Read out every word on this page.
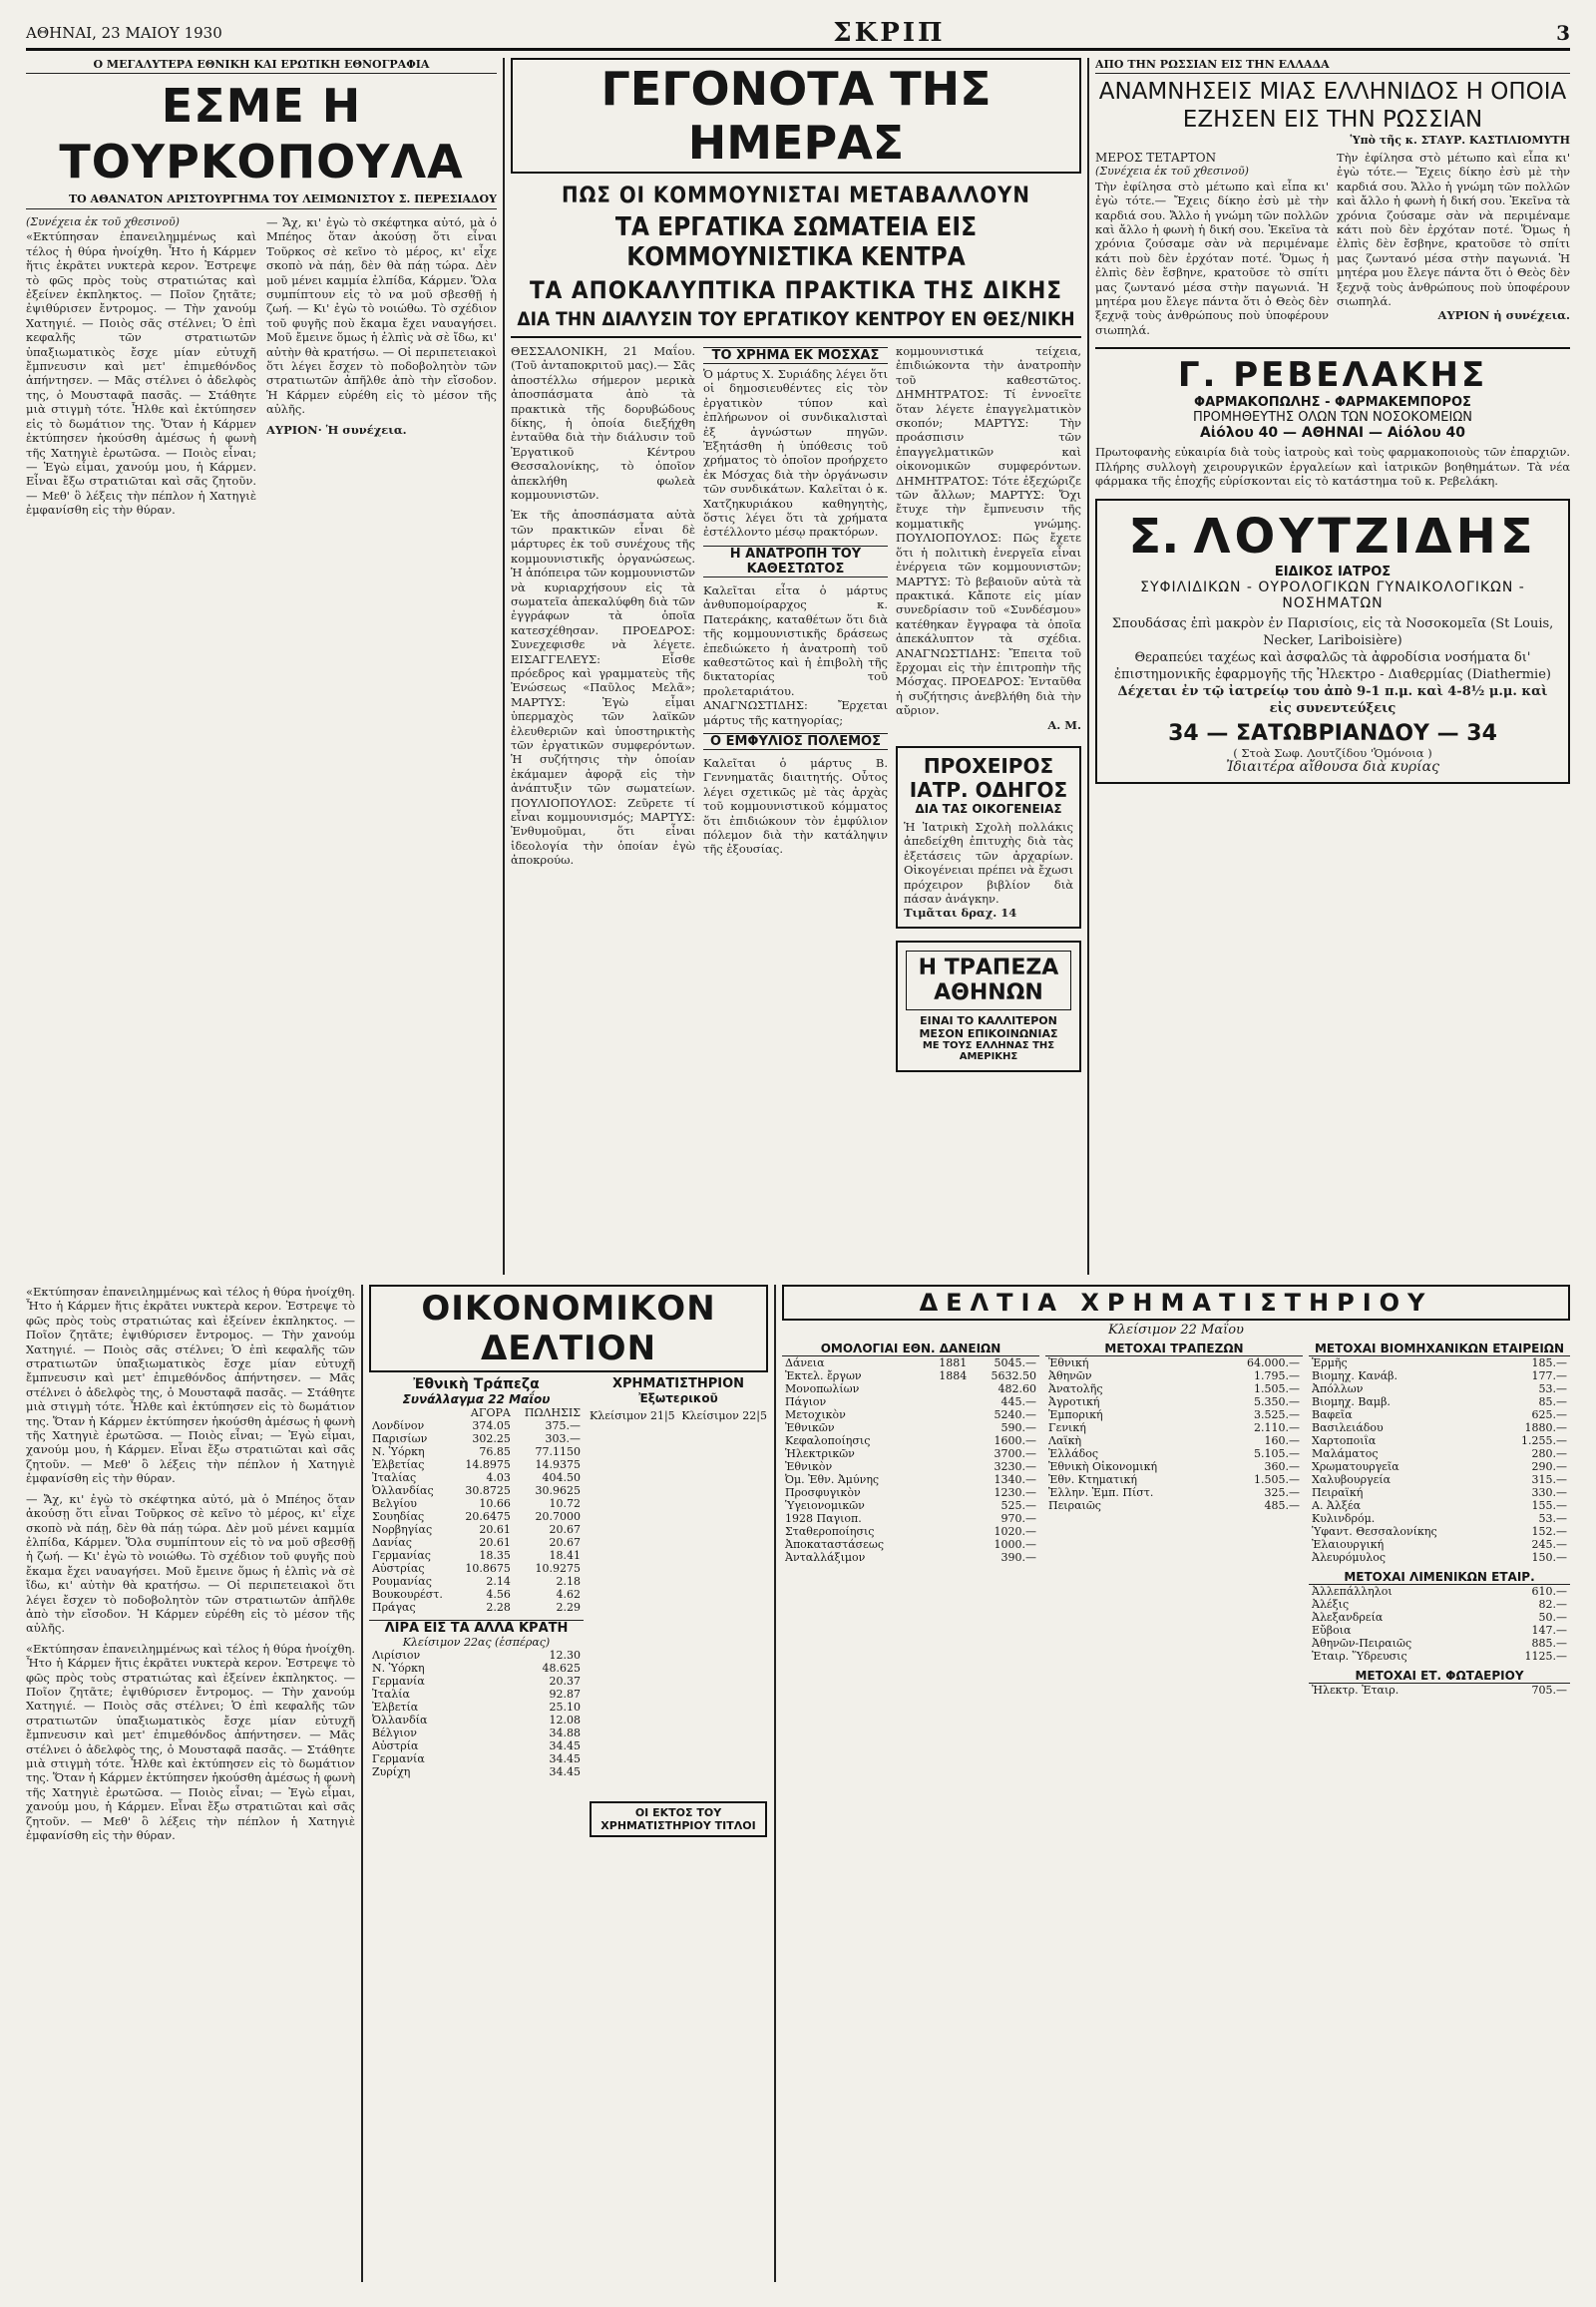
ΑΘΗΝΑΙ, 23 ΜΑΙΟΥ 1930	ΣΚΡΙΠ	3
Ο ΜΕΓΑΛΥΤΕΡΑ ΕΘΝΙΚΗ ΚΑΙ ΕΡΩΤΙΚΗ ΕΘΝΟΓΡΑΦΙΑ
ΕΣΜΕ Η ΤΟΥΡΚΟΠΟΥΛΑ
ΤΟ ΑΘΑΝΑΤΟΝ ΑΡΙΣΤΟΥΡΓΗΜΑ ΤΟΥ ΛΕΙΜΩΝΙΣΤΟΥ Σ. ΠΕΡΕΣΙΑΔΟΥ

(Συνέχεια ἐκ τοῦ χθεσινοῦ)

«Εκτύπησαν ἐπανειλημμένως καὶ τέλος ἡ θύρα ἠνοίχθη. Ἦτο ἡ Κάρμεν ἥτις ἐκρᾶτει νυκτερὰ κερον. Ἐστρεψε τὸ φῶς πρὸς τοὺς στρατιώτας καὶ ἐξείνεν ἐκπληκτος. — Ποῖον ζητᾶτε; ἐψιθύρισεν ἔντρομος. — Τὴν χανούμ Χατηγιέ. — Ποιὸς σᾶς στέλνει; Ὁ ἐπὶ κεφαλῆς τῶν στρατιωτῶν ὑπαξιωματικὸς ἔσχε μίαν εὐτυχῆ ἔμπνευσιν καὶ μετ' ἐπιμεθόνδος ἀπήντησεν. — Μᾶς στέλνει ὁ ἀδελφὸς της, ὁ Μουσταφᾶ πασᾶς. — Στάθητε μιὰ στιγμὴ τότε. Ἦλθε καὶ ἐκτύπησεν εἰς τὸ δωμάτιον της. Ὅταν ἡ Κάρμεν ἐκτύπησεν ἠκούσθη ἀμέσως ἡ φωνὴ τῆς Χατηγιὲ ἐρωτῶσα. — Ποιὸς εἶναι; — Ἐγὼ εἶμαι, χανούμ μου, ἡ Κάρμεν. Εἶναι ἔξω στρατιῶται καὶ σᾶς ζητοῦν. — Μεθ' ὃ λέξεις τὴν πέπλον ἡ Χατηγιὲ ἐμφανίσθη εἰς τὴν θύραν.

— Ἄχ, κι' ἐγὼ τὸ σκέφτηκα αὐτό, μὰ ὁ Μπέηος ὅταν ἀκούσῃ ὅτι εἶναι Τοῦρκος σὲ κεῖνο τὸ μέρος, κι' εἶχε σκοπὸ νὰ πάῃ, δὲν θὰ πάῃ τώρα. Δὲν μοῦ μένει καμμία ἐλπίδα, Κάρμεν. Ὅλα συμπίπτουν εἰς τὸ να μοῦ σβεσθῇ ἡ ζωή. — Κι' ἐγὼ τὸ νοιώθω. Τὸ σχέδιον τοῦ φυγῆς ποὺ ἔκαμα ἔχει ναυαγήσει. Μοῦ ἔμεινε ὅμως ἡ ἐλπὶς νὰ σὲ ἴδω, κι' αὐτὴν θὰ κρατήσω. — Οἱ περιπετειακοὶ ὅτι λέγει ἔσχεν τὸ ποδοβολητὸν τῶν στρατιωτῶν ἀπῆλθε ἀπὸ τὴν εἴσοδον. Ἡ Κάρμεν εὑρέθη εἰς τὸ μέσον τῆς αὐλῆς.

ΑΥΡΙΟΝ· Ἡ συνέχεια.

ΓΕΓΟΝΟΤΑ ΤΗΣ ΗΜΕΡΑΣ
ΠΩΣ ΟΙ ΚΟΜΜΟΥΝΙΣΤΑΙ ΜΕΤΑΒΑΛΛΟΥΝ
ΤΑ ΕΡΓΑΤΙΚΑ ΣΩΜΑΤΕΙΑ ΕΙΣ ΚΟΜΜΟΥΝΙΣΤΙΚΑ ΚΕΝΤΡΑ
ΤΑ ΑΠΟΚΑΛΥΠΤΙΚΑ ΠΡΑΚΤΙΚΑ ΤΗΣ ΔΙΚΗΣ
ΔΙΑ ΤΗΝ ΔΙΑΛΥΣΙΝ ΤΟΥ ΕΡΓΑΤΙΚΟΥ ΚΕΝΤΡΟΥ ΕΝ ΘΕΣ/ΝΙΚΗ

ΘΕΣΣΑΛΟΝΙΚΗ, 21 Μαΐου. (Τοῦ ἀνταποκριτοῦ μας).— Σᾶς ἀποστέλλω σήμερον μερικὰ ἀποσπάσματα ἀπὸ τὰ πρακτικὰ τῆς δορυβώδους δίκης, ἡ ὁποία διεξήχθη ἐνταῦθα διὰ τὴν διάλυσιν τοῦ Ἐργατικοῦ Κέντρου Θεσσαλονίκης, τὸ ὁποῖον ἀπεκλήθη φωλεὰ κομμουνιστῶν.

Ἐκ τῆς ἀποσπάσματα αὐτὰ τῶν πρακτικῶν εἶναι δὲ μάρτυρες ἐκ τοῦ συνέχους τῆς κομμουνιστικῆς ὀργανώσεως. Ἡ ἀπόπειρα τῶν κομμουνιστῶν νὰ κυριαρχήσουν εἰς τὰ σωματεῖα ἀπεκαλύφθη διὰ τῶν ἐγγράφων τὰ ὁποῖα κατεσχέθησαν. ΠΡΟΕΔΡΟΣ: Συνεχεφισθε νὰ λέγετε. ΕΙΣΑΓΓΕΛΕΥΣ: Εἶσθε πρόεδρος καὶ γραμματεὺς τῆς Ἑνώσεως «Παῦλος Μελᾶ»; ΜΑΡΤΥΣ: Ἐγὼ εἶμαι ὑπερμαχὸς τῶν λαϊκῶν ἐλευθεριῶν καὶ ὑποστηρικτὴς τῶν ἐργατικῶν συμφερόντων. Ἡ συζήτησις τὴν ὁποίαν ἐκάμαμεν ἀφορᾷ εἰς τὴν ἀνάπτυξιν τῶν σωματείων. ΠΟΥΛΙΟΠΟΥΛΟΣ: Ζεῦρετε τί εἶναι κομμουνισμός; ΜΑΡΤΥΣ: Ἐνθυμοῦμαι, ὅτι εἶναι ἰδεολογία τὴν ὁποίαν ἐγὼ ἀποκρούω.

ΤΟ ΧΡΗΜΑ ΕΚ ΜΟΣΧΑΣ

Ὁ μάρτυς Χ. Συριάδης λέγει ὅτι οἱ δημοσιευθέντες εἰς τὸν ἐργατικὸν τύπον καὶ ἐπλήρωνον οἱ συνδικαλισταὶ ἐξ ἀγνώστων πηγῶν. Ἐξητάσθη ἡ ὑπόθεσις τοῦ χρήματος τὸ ὁποῖον προήρχετο ἐκ Μόσχας διὰ τὴν ὀργάνωσιν τῶν συνδικάτων. Καλεῖται ὁ κ. Χατζηκυριάκου καθηγητὴς, ὅστις λέγει ὅτι τὰ χρήματα ἐστέλλοντο μέσῳ πρακτόρων.

Η ΑΝΑΤΡΟΠΗ ΤΟΥ ΚΑΘΕΣΤΩΤΟΣ

Καλεῖται εἶτα ὁ μάρτυς ἀνθυπομοίραρχος κ. Πατεράκης, καταθέτων ὅτι διὰ τῆς κομμουνιστικῆς δράσεως ἐπεδιώκετο ἡ ἀνατροπὴ τοῦ καθεστῶτος καὶ ἡ ἐπιβολὴ τῆς δικτατορίας τοῦ προλεταριάτου. ΑΝΑΓΝΩΣΤΙΔΗΣ: Ἔρχεται μάρτυς τῆς κατηγορίας;

Ο ΕΜΦΥΛΙΟΣ ΠΟΛΕΜΟΣ

Καλεῖται ὁ μάρτυς Β. Γεννηματᾶς διαιτητής. Οὗτος λέγει σχετικῶς μὲ τὰς ἀρχὰς τοῦ κομμουνιστικοῦ κόμματος ὅτι ἐπιδιώκουν τὸν ἐμφύλιον πόλεμον διὰ τὴν κατάληψιν τῆς ἐξουσίας.

κομμουνιστικά τείχεια, ἐπιδιώκοντα τὴν ἀνατροπὴν τοῦ καθεστῶτος. ΔΗΜΗΤΡΑΤΟΣ: Τί ἐννοεῖτε ὅταν λέγετε ἐπαγγελματικὸν σκοπόν; ΜΑΡΤΥΣ: Τὴν προάσπισιν τῶν ἐπαγγελματικῶν καὶ οἰκονομικῶν συμφερόντων. ΔΗΜΗΤΡΑΤΟΣ: Τότε ἐξεχώριζε τῶν ἄλλων; ΜΑΡΤΥΣ: Ὄχι ἔτυχε τὴν ἔμπνευσιν τῆς κομματικῆς γνώμης. ΠΟΥΛΙΟΠΟΥΛΟΣ: Πῶς ἔχετε ὅτι ἡ πολιτικὴ ἐνεργεῖα εἶναι ἐνέργεια τῶν κομμουνιστῶν; ΜΑΡΤΥΣ: Τὸ βεβαιοῦν αὐτὰ τὰ πρακτικά. Κἄποτε εἰς μίαν συνεδρίασιν τοῦ «Συνδέσμου» κατέθηκαν ἔγγραφα τὰ ὁποῖα ἀπεκάλυπτον τὰ σχέδια. ΑΝΑΓΝΩΣΤΙΔΗΣ: Ἔπειτα τοῦ ἔρχομαι εἰς τὴν ἐπιτροπὴν τῆς Μόσχας. ΠΡΟΕΔΡΟΣ: Ἐνταῦθα ἡ συζήτησις ἀνεβλήθη διὰ τὴν αὔριον.

Α. Μ.

ΠΡΟΧΕΙΡΟΣ ΙΑΤΡ. ΟΔΗΓΟΣ
ΔΙΑ ΤΑΣ ΟΙΚΟΓΕΝΕΙΑΣ

Ἡ Ἰατρικὴ Σχολὴ πολλάκις ἀπεδείχθη ἐπιτυχὴς διὰ τὰς ἐξετάσεις τῶν ἀρχαρίων. Οἰκογένειαι πρέπει νὰ ἔχωσι πρόχειρον βιβλίον διὰ πάσαν ἀνάγκην.

Τιμᾶται δραχ. 14

Η ΤΡΑΠΕΖΑ ΑΘΗΝΩΝ
ΕΙΝΑΙ ΤΟ ΚΑΛΛΙΤΕΡΟΝ
ΜΕΣΟΝ ΕΠΙΚΟΙΝΩΝΙΑΣ
ΜΕ ΤΟΥΣ ΕΛΛΗΝΑΣ ΤΗΣ ΑΜΕΡΙΚΗΣ
ΑΠΟ ΤΗΝ ΡΩΣΣΙΑΝ ΕΙΣ ΤΗΝ ΕΛΛΑΔΑ
ΑΝΑΜΝΗΣΕΙΣ ΜΙΑΣ ΕΛΛΗΝΙΔΟΣ Η ΟΠΟΙΑ ΕΖΗΣΕΝ ΕΙΣ ΤΗΝ ΡΩΣΣΙΑΝ
Ὑπὸ τῆς κ. ΣΤΑΥΡ. ΚΑΣΤΙΛΙΟΜΥΤΗ

ΜΕΡΟΣ ΤΕΤΑΡΤΟΝ

(Συνέχεια ἐκ τοῦ χθεσινοῦ)

Τὴν ἐφίλησα στὸ μέτωπο καὶ εἶπα κι' ἐγὼ τότε.— Ἔχεις δίκηο ἐσὺ μὲ τὴν καρδιά σου. Ἄλλο ἡ γνώμη τῶν πολλῶν καὶ ἄλλο ἡ φωνὴ ἡ δική σου. Ἐκεῖνα τὰ χρόνια ζούσαμε σὰν νὰ περιμέναμε κάτι ποὺ δὲν ἐρχόταν ποτέ. Ὅμως ἡ ἐλπὶς δὲν ἔσβηνε, κρατοῦσε τὸ σπίτι μας ζωντανό μέσα στὴν παγωνιά. Ἡ μητέρα μου ἔλεγε πάντα ὅτι ὁ Θεὸς δὲν ξεχνᾷ τοὺς ἀνθρώπους ποὺ ὑποφέρουν σιωπηλά.

Τὴν ἐφίλησα στὸ μέτωπο καὶ εἶπα κι' ἐγὼ τότε.— Ἔχεις δίκηο ἐσὺ μὲ τὴν καρδιά σου. Ἄλλο ἡ γνώμη τῶν πολλῶν καὶ ἄλλο ἡ φωνὴ ἡ δική σου. Ἐκεῖνα τὰ χρόνια ζούσαμε σὰν νὰ περιμέναμε κάτι ποὺ δὲν ἐρχόταν ποτέ. Ὅμως ἡ ἐλπὶς δὲν ἔσβηνε, κρατοῦσε τὸ σπίτι μας ζωντανό μέσα στὴν παγωνιά. Ἡ μητέρα μου ἔλεγε πάντα ὅτι ὁ Θεὸς δὲν ξεχνᾷ τοὺς ἀνθρώπους ποὺ ὑποφέρουν σιωπηλά.

ΑΥΡΙΟΝ ἡ συνέχεια.

Γ. ΡΕΒΕΛΑΚΗΣ
ΦΑΡΜΑΚΟΠΩΛΗΣ - ΦΑΡΜΑΚΕΜΠΟΡΟΣ
ΠΡΟΜΗΘΕΥΤΗΣ ΟΛΩΝ ΤΩΝ ΝΟΣΟΚΟΜΕΙΩΝ
Αἰόλου 40 — ΑΘΗΝΑΙ — Αἰόλου 40

Πρωτοφανὴς εὐκαιρία διὰ τοὺς ἰατροὺς καὶ τοὺς φαρμακοποιοὺς τῶν ἐπαρχιῶν. Πλήρης συλλογὴ χειρουργικῶν ἐργαλείων καὶ ἰατρικῶν βοηθημάτων. Τὰ νέα φάρμακα τῆς ἐποχῆς εὑρίσκονται εἰς τὸ κατάστημα τοῦ κ. Ρεβελάκη.

Σ. ΛΟΥΤΖΙΔΗΣ
ΕΙΔΙΚΟΣ ΙΑΤΡΟΣ
ΣΥΦΙΛΙΔΙΚΩΝ - ΟΥΡΟΛΟΓΙΚΩΝ ΓΥΝΑΙΚΟΛΟΓΙΚΩΝ - ΝΟΣΗΜΑΤΩΝ

Σπουδάσας ἐπὶ μακρὸν ἐν Παρισίοις, εἰς τὰ Νοσοκομεῖα (St Louis, Necker, Lariboisière)

Θεραπεύει ταχέως καὶ ἀσφαλῶς τὰ ἀφροδίσια νοσήματα δι' ἐπιστημονικῆς ἐφαρμογῆς τῆς Ἠλεκτρο - Διαθερμίας (Diathermie)

Δέχεται ἐν τῷ ἰατρείῳ του ἀπὸ 9-1 π.μ. καὶ 4-8½ μ.μ. καὶ εἰς συνεντεύξεις

34 — ΣΑΤΩΒΡΙΑΝΔΟΥ — 34

( Στοὰ Σωφ. Λουτζίδου 'Ὁμόνοια )

Ἰδιαιτέρα αἴθουσα διὰ κυρίας

«Εκτύπησαν ἐπανειλημμένως καὶ τέλος ἡ θύρα ἠνοίχθη. Ἦτο ἡ Κάρμεν ἥτις ἐκρᾶτει νυκτερὰ κερον. Ἐστρεψε τὸ φῶς πρὸς τοὺς στρατιώτας καὶ ἐξείνεν ἐκπληκτος. — Ποῖον ζητᾶτε; ἐψιθύρισεν ἔντρομος. — Τὴν χανούμ Χατηγιέ. — Ποιὸς σᾶς στέλνει; Ὁ ἐπὶ κεφαλῆς τῶν στρατιωτῶν ὑπαξιωματικὸς ἔσχε μίαν εὐτυχῆ ἔμπνευσιν καὶ μετ' ἐπιμεθόνδος ἀπήντησεν. — Μᾶς στέλνει ὁ ἀδελφὸς της, ὁ Μουσταφᾶ πασᾶς. — Στάθητε μιὰ στιγμὴ τότε. Ἦλθε καὶ ἐκτύπησεν εἰς τὸ δωμάτιον της. Ὅταν ἡ Κάρμεν ἐκτύπησεν ἠκούσθη ἀμέσως ἡ φωνὴ τῆς Χατηγιὲ ἐρωτῶσα. — Ποιὸς εἶναι; — Ἐγὼ εἶμαι, χανούμ μου, ἡ Κάρμεν. Εἶναι ἔξω στρατιῶται καὶ σᾶς ζητοῦν. — Μεθ' ὃ λέξεις τὴν πέπλον ἡ Χατηγιὲ ἐμφανίσθη εἰς τὴν θύραν.

— Ἄχ, κι' ἐγὼ τὸ σκέφτηκα αὐτό, μὰ ὁ Μπέηος ὅταν ἀκούσῃ ὅτι εἶναι Τοῦρκος σὲ κεῖνο τὸ μέρος, κι' εἶχε σκοπὸ νὰ πάῃ, δὲν θὰ πάῃ τώρα. Δὲν μοῦ μένει καμμία ἐλπίδα, Κάρμεν. Ὅλα συμπίπτουν εἰς τὸ να μοῦ σβεσθῇ ἡ ζωή. — Κι' ἐγὼ τὸ νοιώθω. Τὸ σχέδιον τοῦ φυγῆς ποὺ ἔκαμα ἔχει ναυαγήσει. Μοῦ ἔμεινε ὅμως ἡ ἐλπὶς νὰ σὲ ἴδω, κι' αὐτὴν θὰ κρατήσω. — Οἱ περιπετειακοὶ ὅτι λέγει ἔσχεν τὸ ποδοβολητὸν τῶν στρατιωτῶν ἀπῆλθε ἀπὸ τὴν εἴσοδον. Ἡ Κάρμεν εὑρέθη εἰς τὸ μέσον τῆς αὐλῆς.

«Εκτύπησαν ἐπανειλημμένως καὶ τέλος ἡ θύρα ἠνοίχθη. Ἦτο ἡ Κάρμεν ἥτις ἐκρᾶτει νυκτερὰ κερον. Ἐστρεψε τὸ φῶς πρὸς τοὺς στρατιώτας καὶ ἐξείνεν ἐκπληκτος. — Ποῖον ζητᾶτε; ἐψιθύρισεν ἔντρομος. — Τὴν χανούμ Χατηγιέ. — Ποιὸς σᾶς στέλνει; Ὁ ἐπὶ κεφαλῆς τῶν στρατιωτῶν ὑπαξιωματικὸς ἔσχε μίαν εὐτυχῆ ἔμπνευσιν καὶ μετ' ἐπιμεθόνδος ἀπήντησεν. — Μᾶς στέλνει ὁ ἀδελφὸς της, ὁ Μουσταφᾶ πασᾶς. — Στάθητε μιὰ στιγμὴ τότε. Ἦλθε καὶ ἐκτύπησεν εἰς τὸ δωμάτιον της. Ὅταν ἡ Κάρμεν ἐκτύπησεν ἠκούσθη ἀμέσως ἡ φωνὴ τῆς Χατηγιὲ ἐρωτῶσα. — Ποιὸς εἶναι; — Ἐγὼ εἶμαι, χανούμ μου, ἡ Κάρμεν. Εἶναι ἔξω στρατιῶται καὶ σᾶς ζητοῦν. — Μεθ' ὃ λέξεις τὴν πέπλον ἡ Χατηγιὲ ἐμφανίσθη εἰς τὴν θύραν.

ΟΙΚΟΝΟΜΙΚΟΝ ΔΕΛΤΙΟΝ
Ἐθνικὴ Τράπεζα
Συνάλλαγμα 22 Μαΐου
	ΑΓΟΡΑ	ΠΩΛΗΣΙΣ
Λονδίνον	374.05	375.—
Παρισίων	302.25	303.—
Ν. Ὑόρκη	76.85	77.1150
Ἐλβετίας	14.8975	14.9375
Ἰταλίας	4.03	404.50
Ὀλλανδίας	30.8725	30.9625
Βελγίου	10.66	10.72
Σουηδίας	20.6475	20.7000
Νορβηγίας	20.61	20.67
Δανίας	20.61	20.67
Γερμανίας	18.35	18.41
Αὐστρίας	10.8675	10.9275
Ρουμανίας	2.14	2.18
Βουκουρέστ.	4.56	4.62
Πράγας	2.28	2.29
ΛΙΡΑ ΕΙΣ ΤΑ ΑΛΛΑ ΚΡΑΤΗ
Κλείσιμον 22ας (ἑσπέρας)
Λιρίσιον	12.30
Ν. Ὑόρκη	48.625
Γερμανία	20.37
Ἰταλία	92.87
Ἐλβετία	25.10
Ὀλλανδία	12.08
Βέλγιον	34.88
Αὐστρία	34.45
Γερμανία	34.45
Ζυρίχη	34.45
ΧΡΗΜΑΤΙΣΤΗΡΙΟΝ
Ἐξωτερικοῦ
Κλείσιμον 21|5 Κλείσιμον 22|5
ΟΙ ΕΚΤΟΣ ΤΟΥ ΧΡΗΜΑΤΙΣΤΗΡΙΟΥ ΤΙΤΛΟΙ
ΔΕΛΤΙΑ ΧΡΗΜΑΤΙΣΤΗΡΙΟΥ
Κλείσιμον 22 Μαΐου
ΟΜΟΛΟΓΙΑΙ ΕΘΝ. ΔΑΝΕΙΩΝ
Δάνεια	1881	5045.—
Ἐκτελ. ἔργων	1884	5632.50
Μονοπωλίων		482.60
Πάγιον		445.—
Μετοχικὸν		5240.—
Ἐθνικῶν		590.—
Κεφαλοποίησις		1600.—
Ἡλεκτρικῶν		3700.—
Ἐθνικὸν		3230.—
Ὀμ. Ἐθν. Ἀμύνης		1340.—
Προσφυγικὸν		1230.—
Ὑγειονομικῶν		525.—
1928 Παγιοπ.		970.—
Σταθεροποίησις		1020.—
Ἀποκαταστάσεως		1000.—
Ἀνταλλάξιμον		390.—
ΜΕΤΟΧΑΙ ΤΡΑΠΕΖΩΝ
Ἐθνική	64.000.—
Ἀθηνῶν	1.795.—
Ἀνατολῆς	1.505.—
Ἀγροτική	5.350.—
Ἐμπορική	3.525.—
Γενική	2.110.—
Λαϊκὴ	160.—
Ἑλλάδος	5.105.—
Ἐθνικὴ Οἰκονομική	360.—
Ἐθν. Κτηματική	1.505.—
Ἐλλην. Ἐμπ. Πίστ.	325.—
Πειραιῶς	485.—
ΜΕΤΟΧΑΙ ΒΙΟΜΗΧΑΝΙΚΩΝ ΕΤΑΙΡΕΙΩΝ
Ἑρμῆς	185.—
Βιομηχ. Κανάβ.	177.—
Ἀπόλλων	53.—
Βιομηχ. Βαμβ.	85.—
Βαφεῖα	625.—
Βασιλειάδου	1880.—
Χαρτοποιΐα	1.255.—
Μαλάματος	280.—
Χρωματουργεῖα	290.—
Χαλυβουργεία	315.—
Πειραϊκή	330.—
Α. Ἀλξέα	155.—
Κυλινδρόμ.	53.—
Ὑφαντ. Θεσσαλονίκης	152.—
Ἐλαιουργική	245.—
Ἀλευρόμυλος	150.—
ΜΕΤΟΧΑΙ ΛΙΜΕΝΙΚΩΝ ΕΤΑΙΡ.
Ἀλλεπάλληλοι	610.—
Ἀλέξις	82.—
Ἀλεξανδρεία	50.—
Εὔβοια	147.—
Ἀθηνῶν-Πειραιῶς	885.—
Ἐταιρ. Ὕδρευσις	1125.—
ΜΕΤΟΧΑΙ ΕΤ. ΦΩΤΑΕΡΙΟΥ
Ἠλεκτρ. Ἐταιρ.	705.—
